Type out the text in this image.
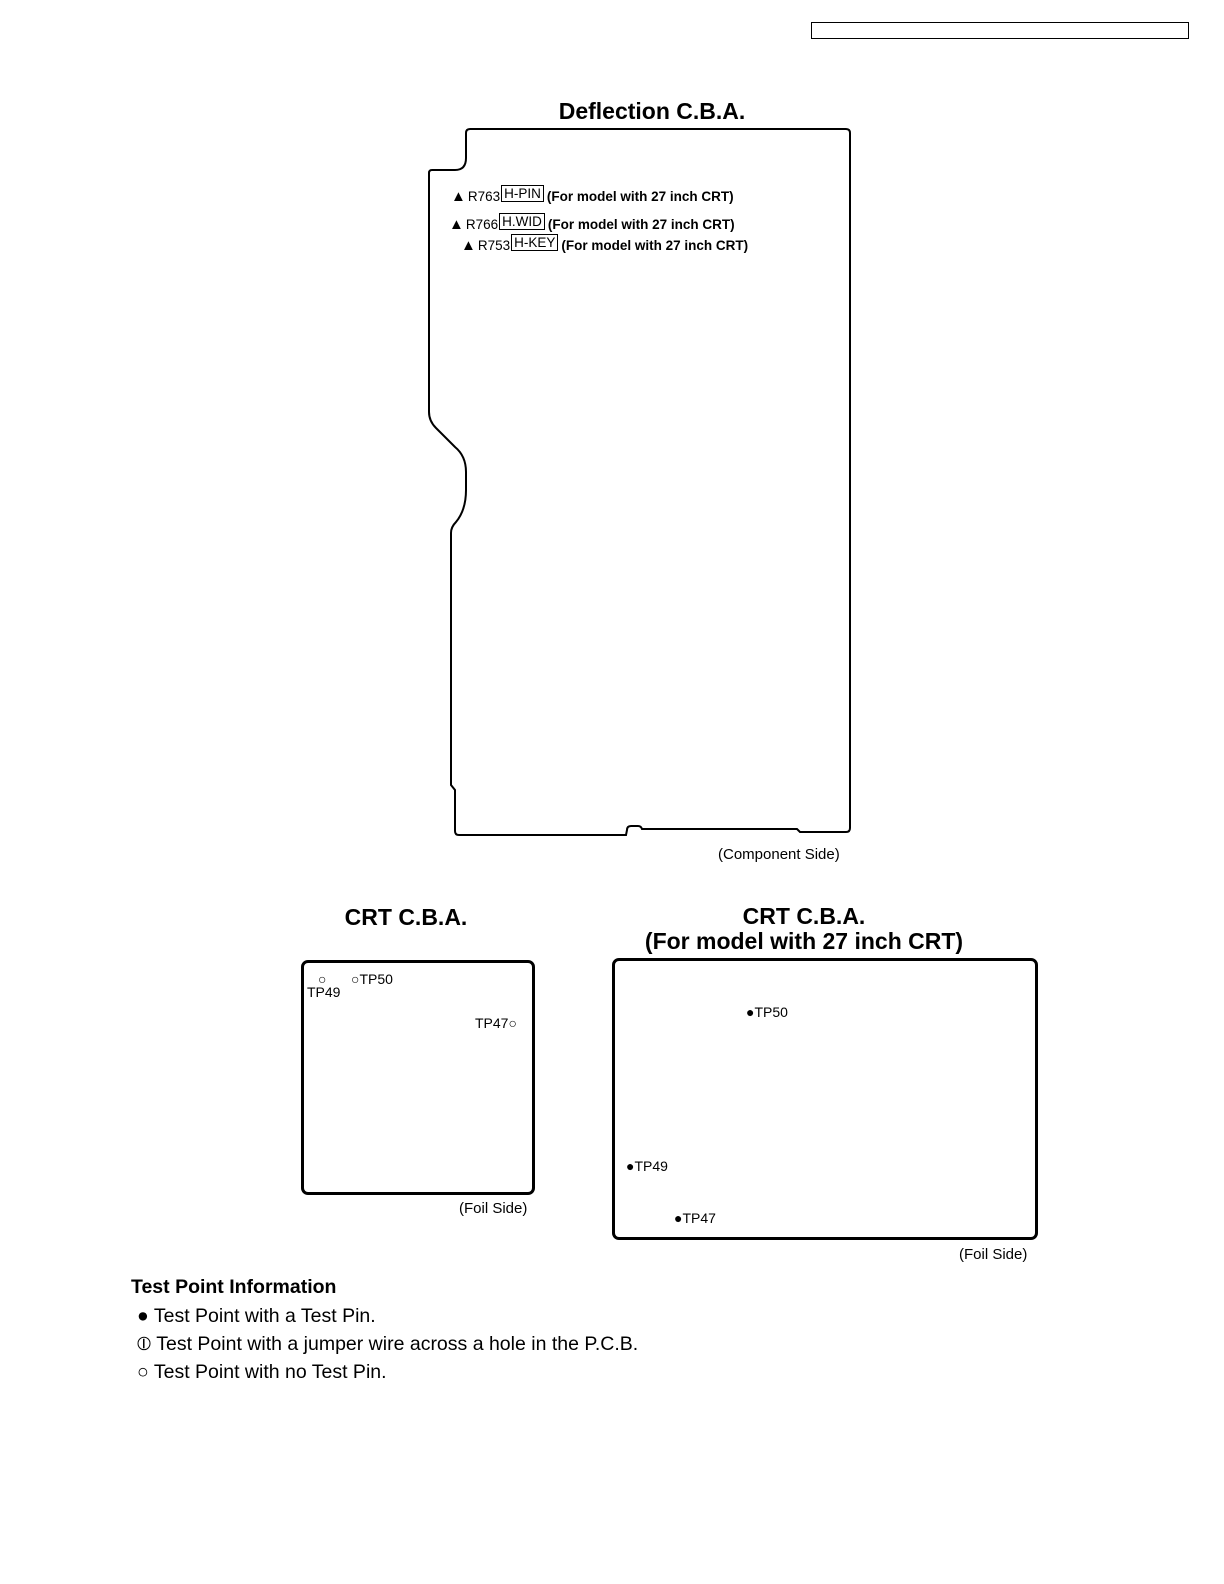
Deflection C.B.A.
▲ R763 H-PIN (For model with 27 inch CRT)
▲ R766 H.WID (For model with 27 inch CRT)
▲ R753 H-KEY (For model with 27 inch CRT)
(Component Side)
CRT C.B.A.
○
TP49
○TP50
TP47○
(Foil Side)
CRT C.B.A.
(For model with 27 inch CRT)
●TP50
●TP49
●TP47
(Foil Side)
Test Point Information
● Test Point with a Test Pin.
⦶ Test Point with a jumper wire across a hole in the P.C.B.
○ Test Point with no Test Pin.
